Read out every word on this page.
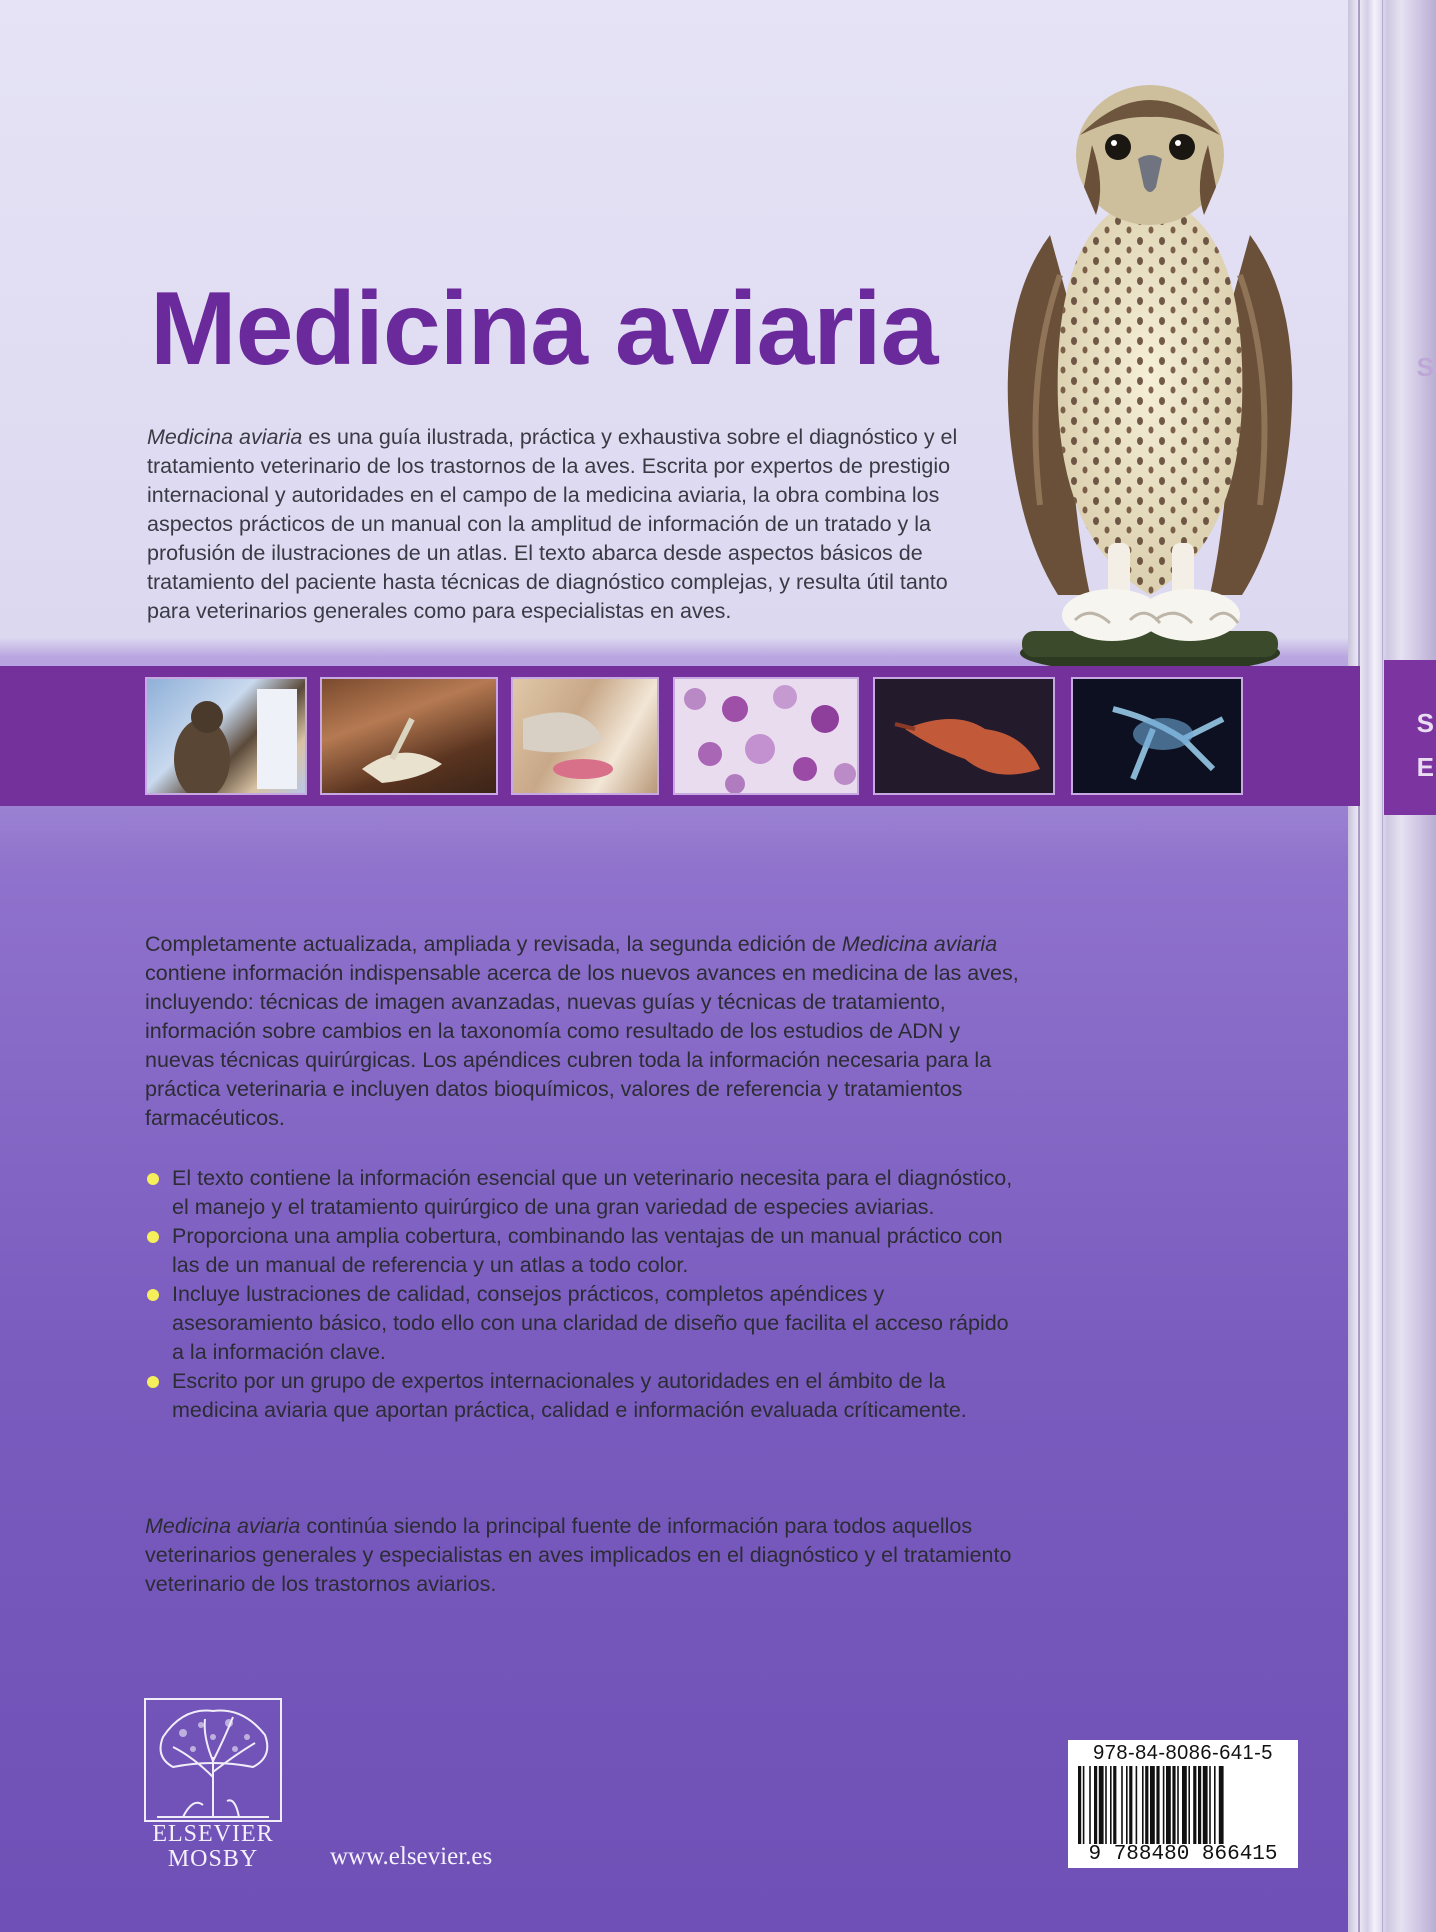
S
S
E
Medicina aviaria

Medicina aviaria es una guía ilustrada, práctica y exhaustiva sobre el diagnóstico y el tratamiento veterinario de los trastornos de la aves. Escrita por expertos de prestigio internacional y autoridades en el campo de la medicina aviaria, la obra combina los aspectos prácticos de un manual con la amplitud de información de un tratado y la profusión de ilustraciones de un atlas. El texto abarca desde aspectos básicos de tratamiento del paciente hasta técnicas de diagnóstico complejas, y resulta útil tanto para veterinarios generales como para especialistas en aves.

Completamente actualizada, ampliada y revisada, la segunda edición de Medicina aviaria contiene información indispensable acerca de los nuevos avances en medicina de las aves, incluyendo: técnicas de imagen avanzadas, nuevas guías y técnicas de tratamiento, información sobre cambios en la taxonomía como resultado de los estudios de ADN y nuevas técnicas quirúrgicas. Los apéndices cubren toda la información necesaria para la práctica veterinaria e incluyen datos bioquímicos, valores de referencia y tratamientos farmacéuticos.

El texto contiene la información esencial que un veterinario necesita para el diagnóstico, el manejo y el tratamiento quirúrgico de una gran variedad de especies aviarias.
Proporciona una amplia cobertura, combinando las ventajas de un manual práctico con las de un manual de referencia y un atlas a todo color.
Incluye lustraciones de calidad, consejos prácticos, completos apéndices y asesoramiento básico, todo ello con una claridad de diseño que facilita el acceso rápido a la información clave.
Escrito por un grupo de expertos internacionales y autoridades en el ámbito de la medicina aviaria que aportan práctica, calidad e información evaluada críticamente.

Medicina aviaria continúa siendo la principal fuente de información para todos aquellos veterinarios generales y especialistas en aves implicados en el diagnóstico y el tratamiento veterinario de los trastornos aviarios.

ELSEVIER
MOSBY	www.elsevier.es
978-84-8086-641-5
9 788480 866415
